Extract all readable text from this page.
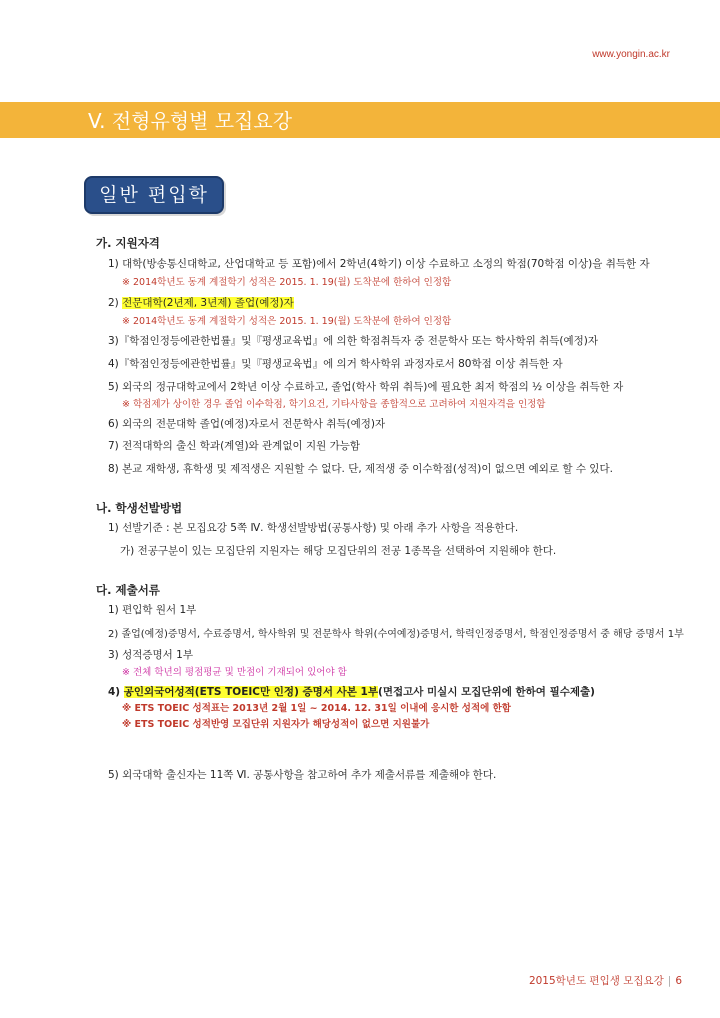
www.yongin.ac.kr
V. 전형유형별 모집요강
일반 편입학
가. 지원자격
1) 대학(방송통신대학교, 산업대학교 등 포함)에서 2학년(4학기) 이상 수료하고 소정의 학점(70학점 이상)을 취득한 자
※ 2014학년도 동계 계절학기 성적은 2015. 1. 19(월) 도착분에 한하여 인정함
2) 전문대학(2년제, 3년제) 졸업(예정)자
※ 2014학년도 동계 계절학기 성적은 2015. 1. 19(월) 도착분에 한하여 인정함
3)『학점인정등에관한법률』및『평생교육법』에 의한 학점취득자 중 전문학사 또는 학사학위 취득(예정)자
4)『학점인정등에관한법률』및『평생교육법』에 의거 학사학위 과정자로서 80학점 이상 취득한 자
5) 외국의 정규대학교에서 2학년 이상 수료하고, 졸업(학사 학위 취득)에 필요한 최저 학점의 ½ 이상을 취득한 자
※ 학점제가 상이한 경우 졸업 이수학점, 학기요건, 기타사항을 종합적으로 고려하여 지원자격을 인정함
6) 외국의 전문대학 졸업(예정)자로서 전문학사 취득(예정)자
7) 전적대학의 출신 학과(계열)와 관계없이 지원 가능함
8) 본교 재학생, 휴학생 및 제적생은 지원할 수 없다. 단, 제적생 중 이수학점(성적)이 없으면 예외로 할 수 있다.
나. 학생선발방법
1) 선발기준 : 본 모집요강 5쪽 Ⅳ. 학생선발방법(공통사항) 및 아래 추가 사항을 적용한다.
가) 전공구분이 있는 모집단위 지원자는 해당 모집단위의 전공 1종목을 선택하여 지원해야 한다.
다. 제출서류
1) 편입학 원서 1부
2) 졸업(예정)증명서, 수료증명서, 학사학위 및 전문학사 학위(수여예정)증명서, 학력인정증명서, 학점인정증명서 중 해당 증명서 1부
3) 성적증명서 1부
※ 전체 학년의 평점평균 및 만점이 기재되어 있어야 함
4) 공인외국어성적(ETS TOEIC만 인정) 증명서 사본 1부(면접고사 미실시 모집단위에 한하여 필수제출)
※ ETS TOEIC 성적표는 2013년 2월 1일 ~ 2014. 12. 31일 이내에 응시한 성적에 한함
※ ETS TOEIC 성적반영 모집단위 지원자가 해당성적이 없으면 지원불가
5) 외국대학 출신자는 11쪽 Ⅵ. 공통사항을 참고하여 추가 제출서류를 제출해야 한다.
2015학년도 편입생 모집요강 | 6
